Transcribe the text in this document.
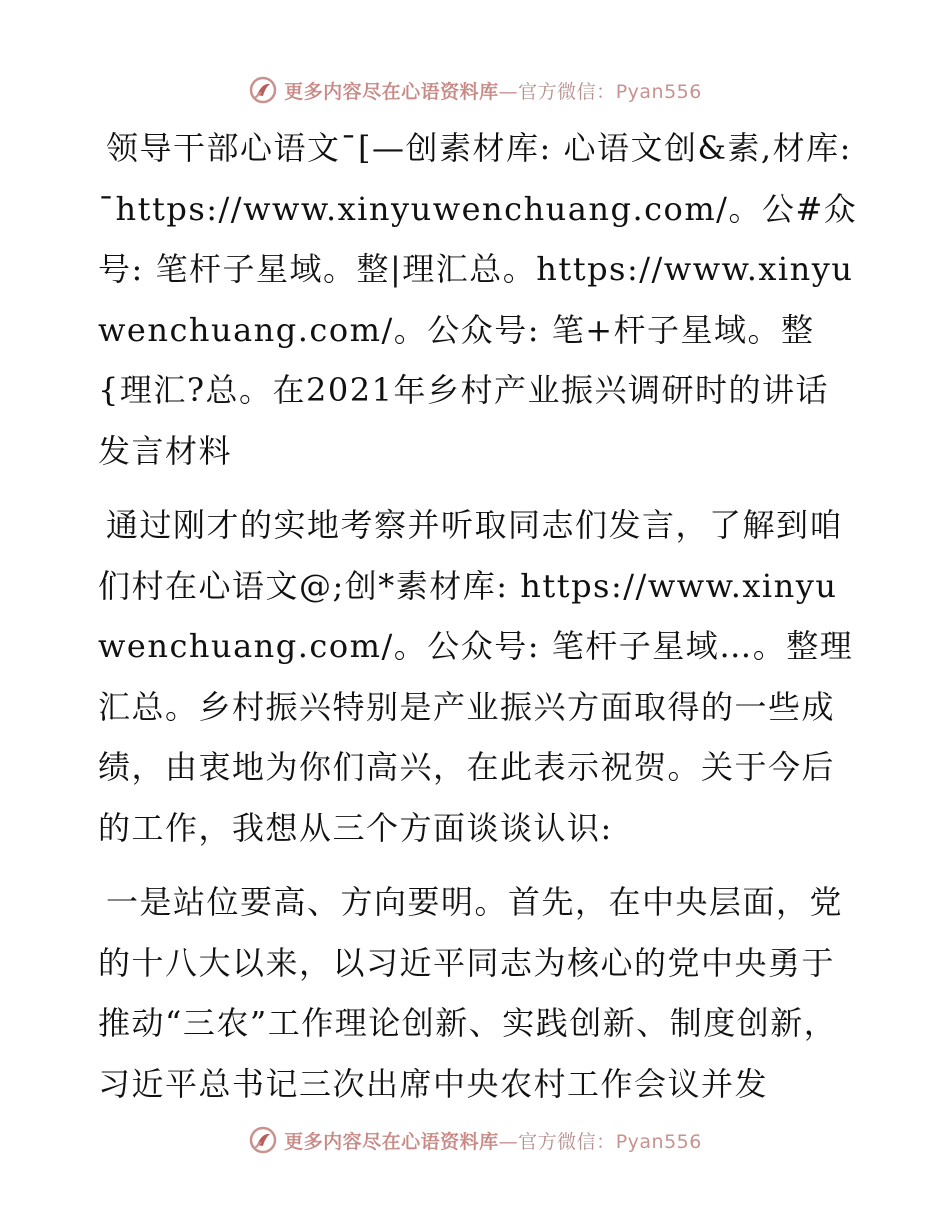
更多内容尽在心语资料库—官方微信：Pyan556

领导干部心语文¯[—创素材库: 心语文创&素,材库: ¯https://www.xinyuwenchuang.com/。公#众号: 笔杆子星域。整|理汇总。https://www.xinyuwenchuang.com/。公众号: 笔+杆子星域。整{理汇?总。在2021年乡村产业振兴调研时的讲话发言材料

通过刚才的实地考察并听取同志们发言，了解到咱们村在心语文@;创*素材库: https://www.xinyuwenchuang.com/。公众号: 笔杆子星域…。整理汇总。乡村振兴特别是产业振兴方面取得的一些成绩，由衷地为你们高兴，在此表示祝贺。关于今后的工作，我想从三个方面谈谈认识:

一是站位要高、方向要明。首先，在中央层面，党的十八大以来，以习近平同志为核心的党中央勇于推动“三农”工作理论创新、实践创新、制度创新，习近平总书记三次出席中央农村工作会议并发

更多内容尽在心语资料库—官方微信：Pyan556
